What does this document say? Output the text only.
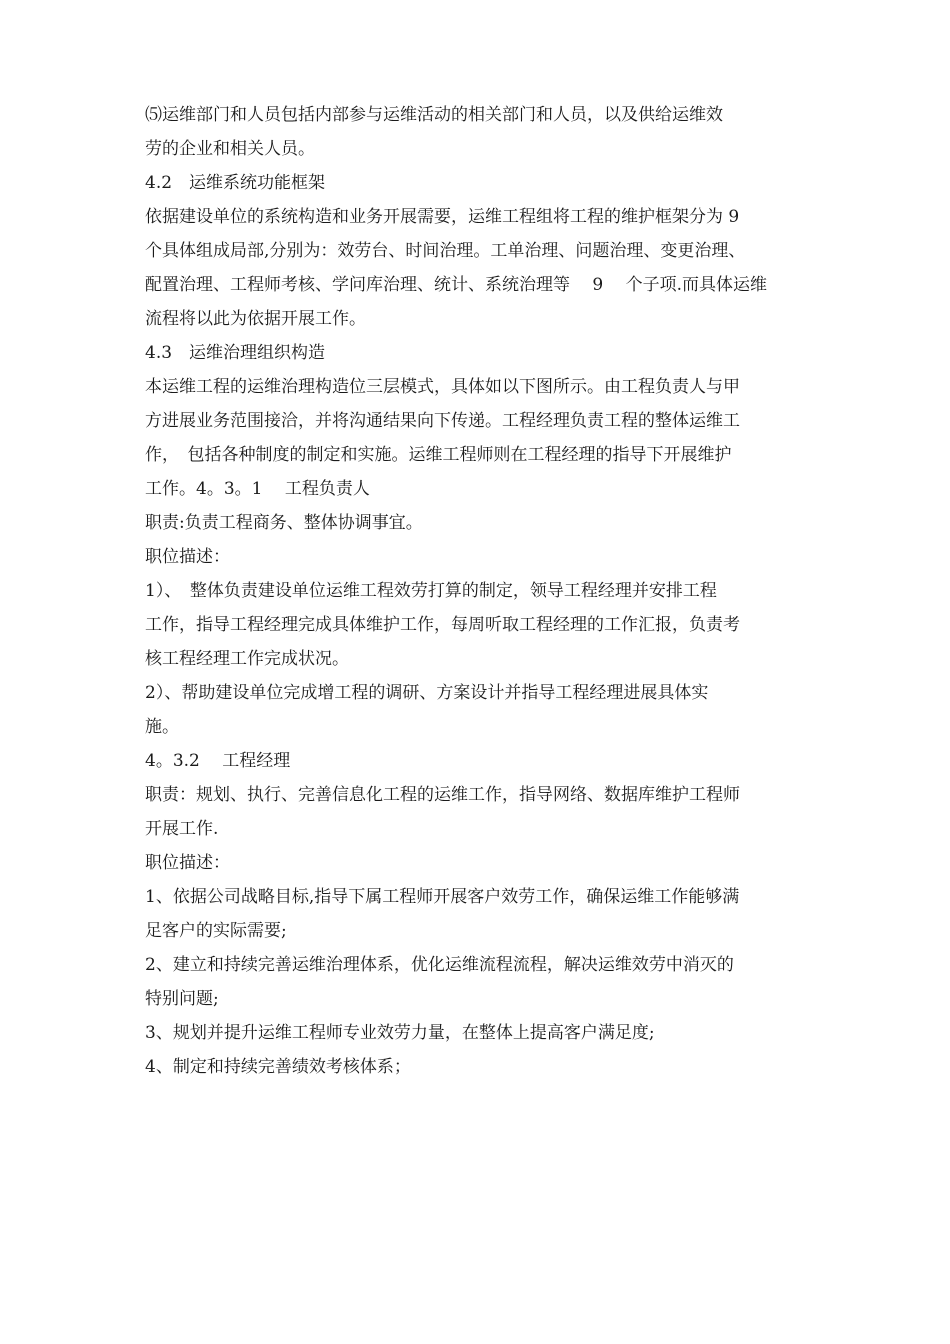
⑸运维部门和人员包括内部参与运维活动的相关部门和人员，以及供给运维效
劳的企业和相关人员。
4.2　运维系统功能框架
依据建设单位的系统构造和业务开展需要，运维工程组将工程的维护框架分为 9
个具体组成局部,分别为：效劳台、时间治理。工单治理、问题治理、变更治理、
配置治理、工程师考核、学问库治理、统计、系统治理等　 9　 个子项.而具体运维
流程将以此为依据开展工作。
4.3　运维治理组织构造
本运维工程的运维治理构造位三层模式，具体如以下图所示。由工程负责人与甲
方进展业务范围接洽，并将沟通结果向下传递。工程经理负责工程的整体运维工
作，　包括各种制度的制定和实施。运维工程师则在工程经理的指导下开展维护
工作。4。3。1　 工程负责人
职责:负责工程商务、整体协调事宜。
职位描述：
1）、　整体负责建设单位运维工程效劳打算的制定，领导工程经理并安排工程
工作，指导工程经理完成具体维护工作，每周听取工程经理的工作汇报，负责考
核工程经理工作完成状况。
2）、帮助建设单位完成增工程的调研、方案设计并指导工程经理进展具体实
施。
4。3.2　 工程经理
职责：规划、执行、完善信息化工程的运维工作，指导网络、数据库维护工程师
开展工作.
职位描述：
1、依据公司战略目标,指导下属工程师开展客户效劳工作，确保运维工作能够满
足客户的实际需要;
2、建立和持续完善运维治理体系，优化运维流程流程，解决运维效劳中消灭的
特别问题;
3、规划并提升运维工程师专业效劳力量，在整体上提高客户满足度;
4、制定和持续完善绩效考核体系；
